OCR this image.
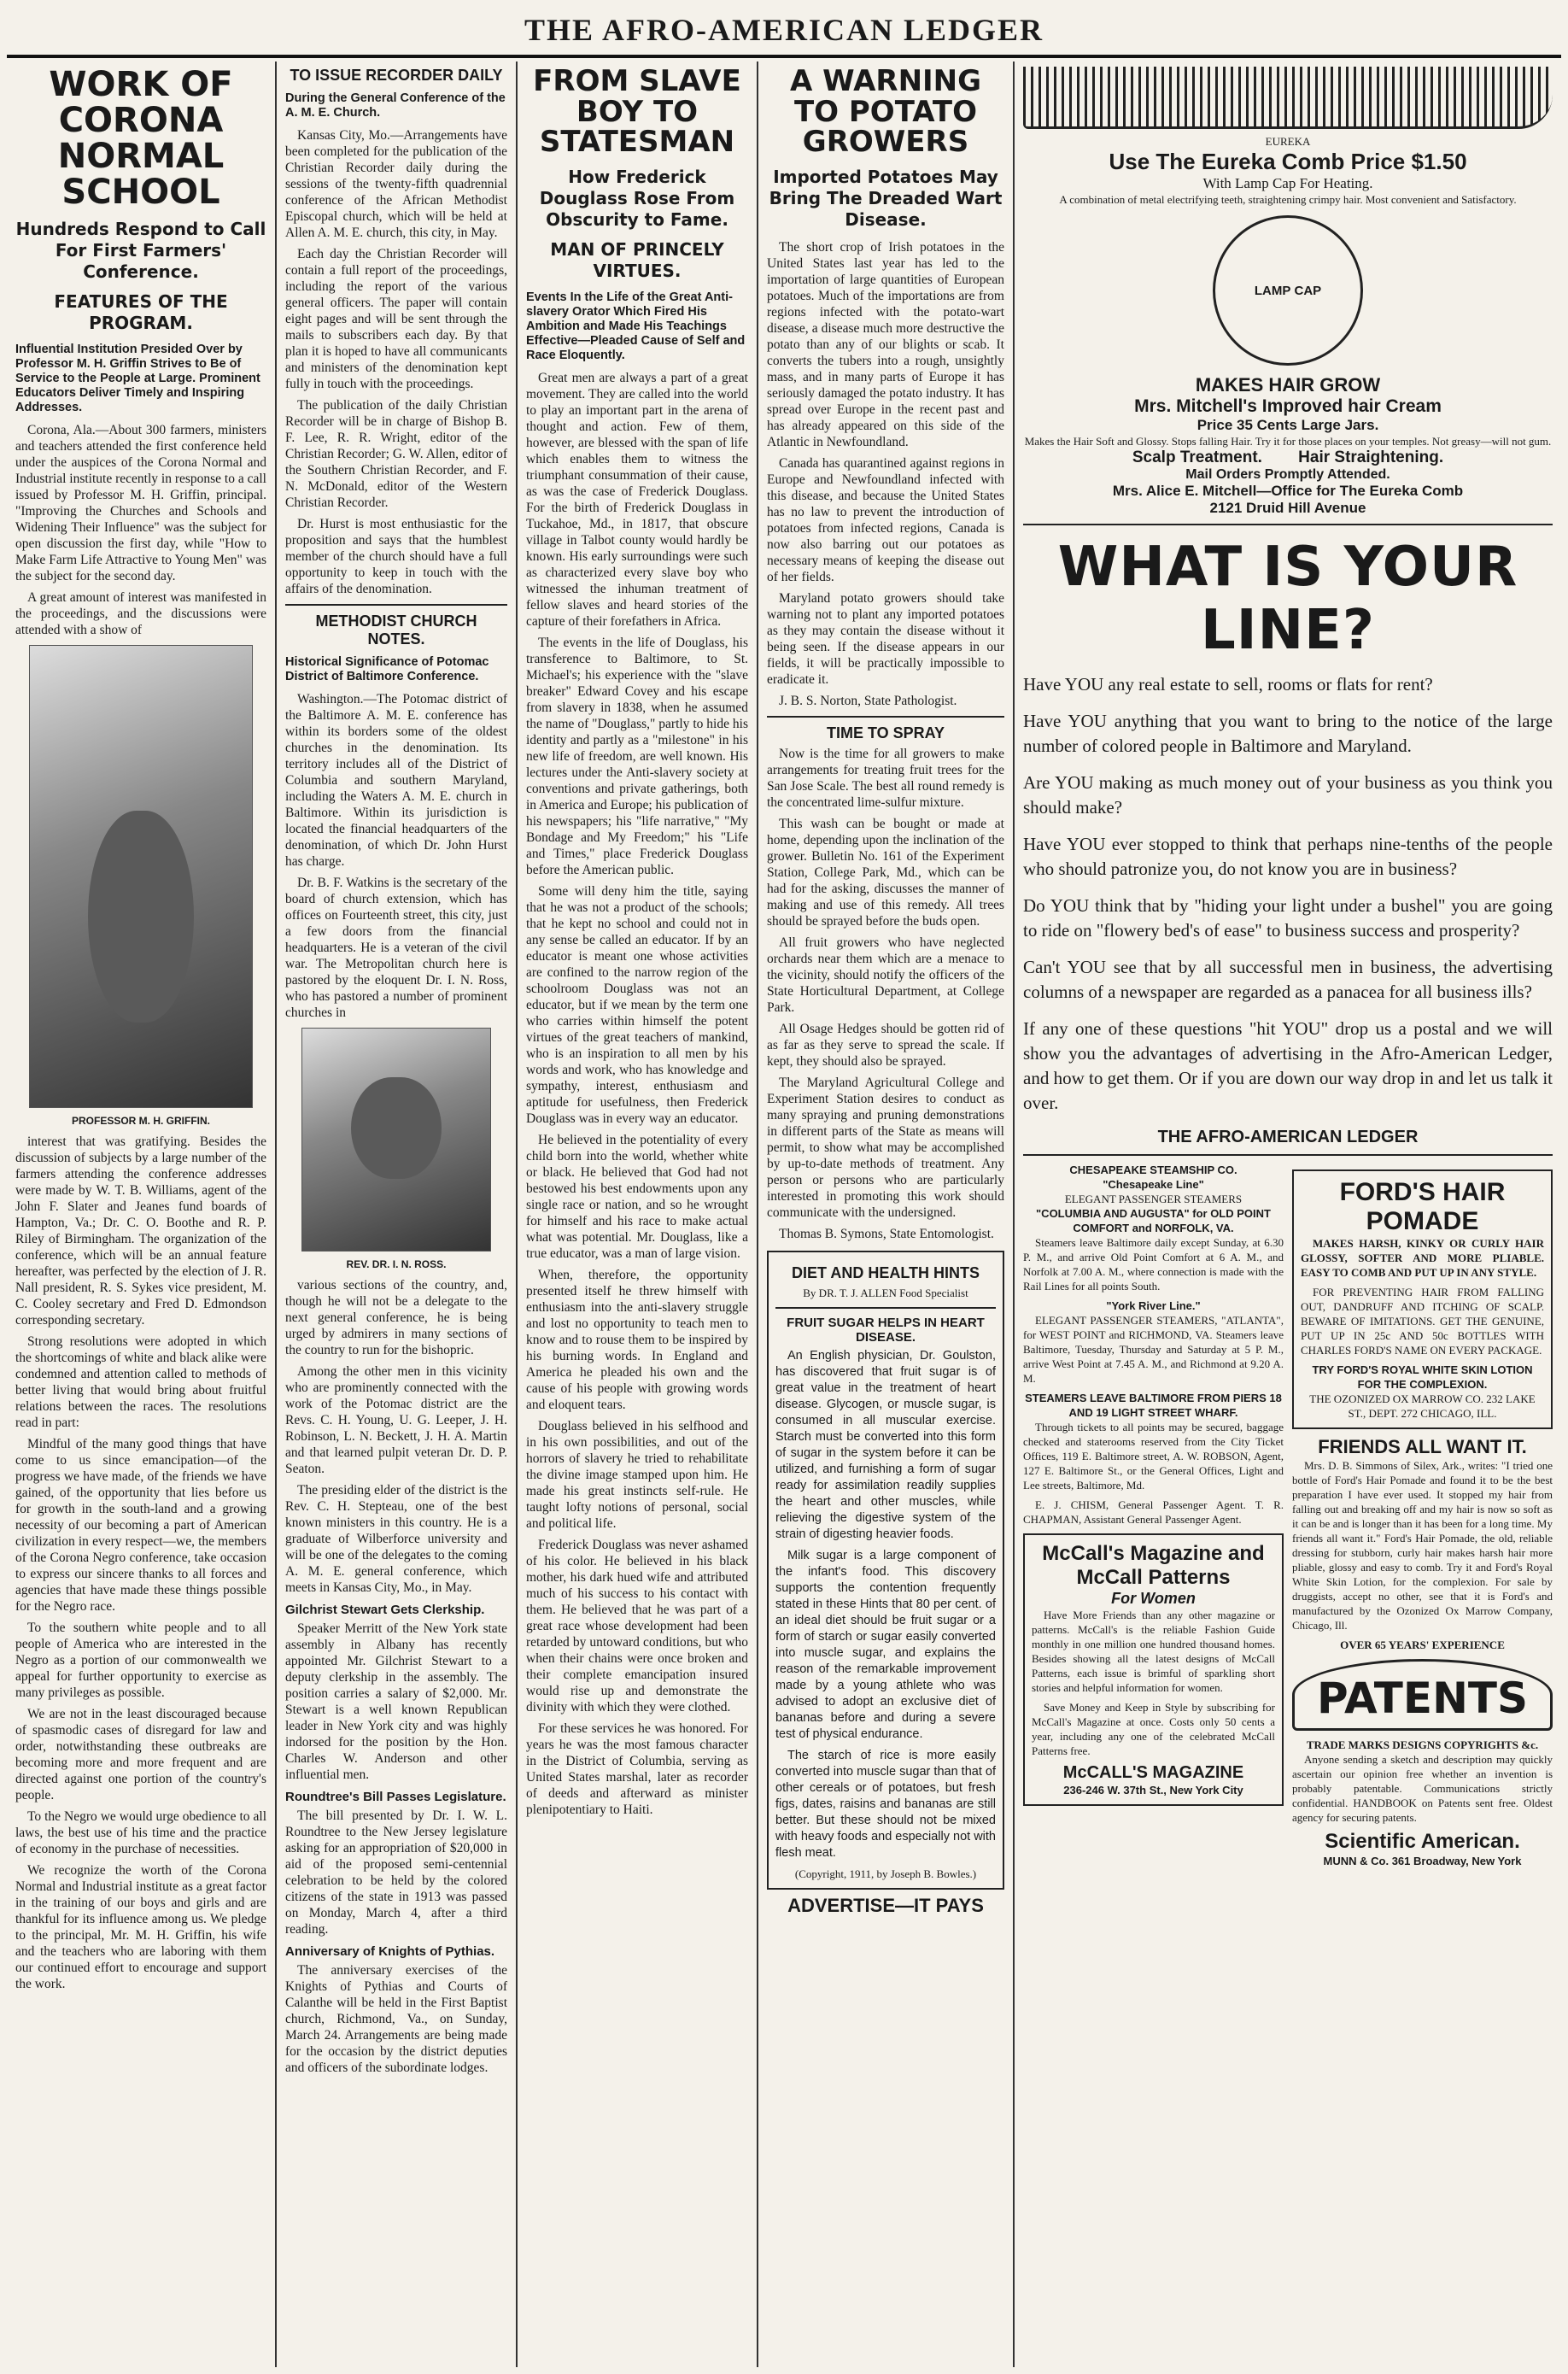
THE AFRO-AMERICAN LEDGER
WORK OF CORONA NORMAL SCHOOL
Hundreds Respond to Call For First Farmers' Conference.
FEATURES OF THE PROGRAM.
Influential Institution Presided Over by Professor M. H. Griffin Strives to Be of Service to the People at Large. Prominent Educators Deliver Timely and Inspiring Addresses.

Corona, Ala.—About 300 farmers, ministers and teachers attended the first conference held under the auspices of the Corona Normal and Industrial institute recently in response to a call issued by Professor M. H. Griffin, principal. "Improving the Churches and Schools and Widening Their Influence" was the subject for open discussion the first day, while "How to Make Farm Life Attractive to Young Men" was the subject for the second day.

A great amount of interest was manifested in the proceedings, and the discussions were attended with a show of

PROFESSOR M. H. GRIFFIN.

interest that was gratifying. Besides the discussion of subjects by a large number of the farmers attending the conference addresses were made by W. T. B. Williams, agent of the John F. Slater and Jeanes fund boards of Hampton, Va.; Dr. C. O. Boothe and R. P. Riley of Birmingham. The organization of the conference, which will be an annual feature hereafter, was perfected by the election of J. R. Nall president, R. S. Sykes vice president, M. C. Cooley secretary and Fred D. Edmondson corresponding secretary.

Strong resolutions were adopted in which the shortcomings of white and black alike were condemned and attention called to methods of better living that would bring about fruitful relations between the races. The resolutions read in part:

Mindful of the many good things that have come to us since emancipation—of the progress we have made, of the friends we have gained, of the opportunity that lies before us for growth in the south-land and a growing necessity of our becoming a part of American civilization in every respect—we, the members of the Corona Negro conference, take occasion to express our sincere thanks to all forces and agencies that have made these things possible for the Negro race.

To the southern white people and to all people of America who are interested in the Negro as a portion of our commonwealth we appeal for further opportunity to exercise as many privileges as possible.

We are not in the least discouraged because of spasmodic cases of disregard for law and order, notwithstanding these outbreaks are becoming more and more frequent and are directed against one portion of the country's people.

To the Negro we would urge obedience to all laws, the best use of his time and the practice of economy in the purchase of necessities.

We recognize the worth of the Corona Normal and Industrial institute as a great factor in the training of our boys and girls and are thankful for its influence among us. We pledge to the principal, Mr. M. H. Griffin, his wife and the teachers who are laboring with them our continued effort to encourage and support the work.

TO ISSUE RECORDER DAILY
During the General Conference of the A. M. E. Church.

Kansas City, Mo.—Arrangements have been completed for the publication of the Christian Recorder daily during the sessions of the twenty-fifth quadrennial conference of the African Methodist Episcopal church, which will be held at Allen A. M. E. church, this city, in May.

Each day the Christian Recorder will contain a full report of the proceedings, including the report of the various general officers. The paper will contain eight pages and will be sent through the mails to subscribers each day. By that plan it is hoped to have all communicants and ministers of the denomination kept fully in touch with the proceedings.

The publication of the daily Christian Recorder will be in charge of Bishop B. F. Lee, R. R. Wright, editor of the Christian Recorder; G. W. Allen, editor of the Southern Christian Recorder, and F. N. McDonald, editor of the Western Christian Recorder.

Dr. Hurst is most enthusiastic for the proposition and says that the humblest member of the church should have a full opportunity to keep in touch with the affairs of the denomination.

METHODIST CHURCH NOTES.
Historical Significance of Potomac District of Baltimore Conference.

Washington.—The Potomac district of the Baltimore A. M. E. conference has within its borders some of the oldest churches in the denomination. Its territory includes all of the District of Columbia and southern Maryland, including the Waters A. M. E. church in Baltimore. Within its jurisdiction is located the financial headquarters of the denomination, of which Dr. John Hurst has charge.

Dr. B. F. Watkins is the secretary of the board of church extension, which has offices on Fourteenth street, this city, just a few doors from the financial headquarters. He is a veteran of the civil war. The Metropolitan church here is pastored by the eloquent Dr. I. N. Ross, who has pastored a number of prominent churches in

REV. DR. I. N. ROSS.

various sections of the country, and, though he will not be a delegate to the next general conference, he is being urged by admirers in many sections of the country to run for the bishopric.

Among the other men in this vicinity who are prominently connected with the work of the Potomac district are the Revs. C. H. Young, U. G. Leeper, J. H. Robinson, L. N. Beckett, J. H. A. Martin and that learned pulpit veteran Dr. D. P. Seaton.

The presiding elder of the district is the Rev. C. H. Stepteau, one of the best known ministers in this country. He is a graduate of Wilberforce university and will be one of the delegates to the coming A. M. E. general conference, which meets in Kansas City, Mo., in May.

Gilchrist Stewart Gets Clerkship.

Speaker Merritt of the New York state assembly in Albany has recently appointed Mr. Gilchrist Stewart to a deputy clerkship in the assembly. The position carries a salary of $2,000. Mr. Stewart is a well known Republican leader in New York city and was highly indorsed for the position by the Hon. Charles W. Anderson and other influential men.

Roundtree's Bill Passes Legislature.

The bill presented by Dr. I. W. L. Roundtree to the New Jersey legislature asking for an appropriation of $20,000 in aid of the proposed semi-centennial celebration to be held by the colored citizens of the state in 1913 was passed on Monday, March 4, after a third reading.

Anniversary of Knights of Pythias.

The anniversary exercises of the Knights of Pythias and Courts of Calanthe will be held in the First Baptist church, Richmond, Va., on Sunday, March 24. Arrangements are being made for the occasion by the district deputies and officers of the subordinate lodges.

FROM SLAVE BOY TO STATESMAN
How Frederick Douglass Rose From Obscurity to Fame.
MAN OF PRINCELY VIRTUES.
Events In the Life of the Great Anti-slavery Orator Which Fired His Ambition and Made His Teachings Effective—Pleaded Cause of Self and Race Eloquently.

Great men are always a part of a great movement. They are called into the world to play an important part in the arena of thought and action. Few of them, however, are blessed with the span of life which enables them to witness the triumphant consummation of their cause, as was the case of Frederick Douglass. For the birth of Frederick Douglass in Tuckahoe, Md., in 1817, that obscure village in Talbot county would hardly be known. His early surroundings were such as characterized every slave boy who witnessed the inhuman treatment of fellow slaves and heard stories of the capture of their forefathers in Africa.

The events in the life of Douglass, his transference to Baltimore, to St. Michael's; his experience with the "slave breaker" Edward Covey and his escape from slavery in 1838, when he assumed the name of "Douglass," partly to hide his identity and partly as a "milestone" in his new life of freedom, are well known. His lectures under the Anti-slavery society at conventions and private gatherings, both in America and Europe; his publication of his newspapers; his "life narrative," "My Bondage and My Freedom;" his "Life and Times," place Frederick Douglass before the American public.

Some will deny him the title, saying that he was not a product of the schools; that he kept no school and could not in any sense be called an educator. If by an educator is meant one whose activities are confined to the narrow region of the schoolroom Douglass was not an educator, but if we mean by the term one who carries within himself the potent virtues of the great teachers of mankind, who is an inspiration to all men by his words and work, who has knowledge and sympathy, interest, enthusiasm and aptitude for usefulness, then Frederick Douglass was in every way an educator.

He believed in the potentiality of every child born into the world, whether white or black. He believed that God had not bestowed his best endowments upon any single race or nation, and so he wrought for himself and his race to make actual what was potential. Mr. Douglass, like a true educator, was a man of large vision.

When, therefore, the opportunity presented itself he threw himself with enthusiasm into the anti-slavery struggle and lost no opportunity to teach men to know and to rouse them to be inspired by his burning words. In England and America he pleaded his own and the cause of his people with growing words and eloquent tears.

Douglass believed in his selfhood and in his own possibilities, and out of the horrors of slavery he tried to rehabilitate the divine image stamped upon him. He made his great instincts self-rule. He taught lofty notions of personal, social and political life.

Frederick Douglass was never ashamed of his color. He believed in his black mother, his dark hued wife and attributed much of his success to his contact with them. He believed that he was part of a great race whose development had been retarded by untoward conditions, but who when their chains were once broken and their complete emancipation insured would rise up and demonstrate the divinity with which they were clothed.

For these services he was honored. For years he was the most famous character in the District of Columbia, serving as United States marshal, later as recorder of deeds and afterward as minister plenipotentiary to Haiti.

A WARNING TO POTATO GROWERS
Imported Potatoes May Bring The Dreaded Wart Disease.

The short crop of Irish potatoes in the United States last year has led to the importation of large quantities of European potatoes. Much of the importations are from regions infected with the potato-wart disease, a disease much more destructive the potato than any of our blights or scab. It converts the tubers into a rough, unsightly mass, and in many parts of Europe it has seriously damaged the potato industry. It has spread over Europe in the recent past and has already appeared on this side of the Atlantic in Newfoundland.

Canada has quarantined against regions in Europe and Newfoundland infected with this disease, and because the United States has no law to prevent the introduction of potatoes from infected regions, Canada is now also barring out our potatoes as necessary means of keeping the disease out of her fields.

Maryland potato growers should take warning not to plant any imported potatoes as they may contain the disease without it being seen. If the disease appears in our fields, it will be practically impossible to eradicate it.

J. B. S. Norton, State Pathologist.

TIME TO SPRAY

Now is the time for all growers to make arrangements for treating fruit trees for the San Jose Scale. The best all round remedy is the concentrated lime-sulfur mixture.

This wash can be bought or made at home, depending upon the inclination of the grower. Bulletin No. 161 of the Experiment Station, College Park, Md., which can be had for the asking, discusses the manner of making and use of this remedy. All trees should be sprayed before the buds open.

All fruit growers who have neglected orchards near them which are a menace to the vicinity, should notify the officers of the State Horticultural Department, at College Park.

All Osage Hedges should be gotten rid of as far as they serve to spread the scale. If kept, they should also be sprayed.

The Maryland Agricultural College and Experiment Station desires to conduct as many spraying and pruning demonstrations in different parts of the State as means will permit, to show what may be accomplished by up-to-date methods of treatment. Any person or persons who are particularly interested in promoting this work should communicate with the undersigned.

Thomas B. Symons, State Entomologist.

DIET AND HEALTH HINTS
By DR. T. J. ALLEN Food Specialist
FRUIT SUGAR HELPS IN HEART DISEASE.

An English physician, Dr. Goulston, has discovered that fruit sugar is of great value in the treatment of heart disease. Glycogen, or muscle sugar, is consumed in all muscular exercise. Starch must be converted into this form of sugar in the system before it can be utilized, and furnishing a form of sugar ready for assimilation readily supplies the heart and other muscles, while relieving the digestive system of the strain of digesting heavier foods.

Milk sugar is a large component of the infant's food. This discovery supports the contention frequently stated in these Hints that 80 per cent. of an ideal diet should be fruit sugar or a form of starch or sugar easily converted into muscle sugar, and explains the reason of the remarkable improvement made by a young athlete who was advised to adopt an exclusive diet of bananas before and during a severe test of physical endurance.

The starch of rice is more easily converted into muscle sugar than that of other cereals or of potatoes, but fresh figs, dates, raisins and bananas are still better. But these should not be mixed with heavy foods and especially not with flesh meat.

(Copyright, 1911, by Joseph B. Bowles.)
ADVERTISE—IT PAYS
EUREKA
Use The Eureka Comb Price $1.50
With Lamp Cap For Heating.
A combination of metal electrifying teeth, straightening crimpy hair. Most convenient and Satisfactory.
LAMP
CAP
MAKES HAIR GROW
Mrs. Mitchell's Improved hair Cream
Price 35 Cents Large Jars.
Makes the Hair Soft and Glossy. Stops falling Hair. Try it for those places on your temples. Not greasy—will not gum.
Scalp Treatment.        Hair Straightening.
Mail Orders Promptly Attended.
Mrs. Alice E. Mitchell—Office for The Eureka Comb
2121 Druid Hill Avenue
WHAT IS YOUR LINE?

Have YOU any real estate to sell, rooms or flats for rent?

Have YOU anything that you want to bring to the notice of the large number of colored people in Baltimore and Maryland.

Are YOU making as much money out of your business as you think you should make?

Have YOU ever stopped to think that perhaps nine-tenths of the people who should patronize you, do not know you are in business?

Do YOU think that by "hiding your light under a bushel" you are going to ride on "flowery bed's of ease" to business success and prosperity?

Can't YOU see that by all successful men in business, the advertising columns of a newspaper are regarded as a panacea for all business ills?

If any one of these questions "hit YOU" drop us a postal and we will show you the advantages of advertising in the Afro-American Ledger, and how to get them. Or if you are down our way drop in and let us talk it over.

THE AFRO-AMERICAN LEDGER
CHESAPEAKE STEAMSHIP CO.
"Chesapeake Line"
ELEGANT PASSENGER STEAMERS
"COLUMBIA AND AUGUSTA" for OLD POINT COMFORT and NORFOLK, VA.

Steamers leave Baltimore daily except Sunday, at 6.30 P. M., and arrive Old Point Comfort at 6 A. M., and Norfolk at 7.00 A. M., where connection is made with the Rail Lines for all points South.

"York River Line."

ELEGANT PASSENGER STEAMERS, "ATLANTA", for WEST POINT and RICHMOND, VA. Steamers leave Baltimore, Tuesday, Thursday and Saturday at 5 P. M., arrive West Point at 7.45 A. M., and Richmond at 9.20 A. M.

STEAMERS LEAVE BALTIMORE FROM PIERS 18 AND 19 LIGHT STREET WHARF.

Through tickets to all points may be secured, baggage checked and staterooms reserved from the City Ticket Offices, 119 E. Baltimore street, A. W. ROBSON, Agent, 127 E. Baltimore St., or the General Offices, Light and Lee streets, Baltimore, Md.

E. J. CHISM, General Passenger Agent. T. R. CHAPMAN, Assistant General Passenger Agent.

McCall's Magazine and McCall Patterns
For Women

Have More Friends than any other magazine or patterns. McCall's is the reliable Fashion Guide monthly in one million one hundred thousand homes. Besides showing all the latest designs of McCall Patterns, each issue is brimful of sparkling short stories and helpful information for women.

Save Money and Keep in Style by subscribing for McCall's Magazine at once. Costs only 50 cents a year, including any one of the celebrated McCall Patterns free.

McCALL'S MAGAZINE
236-246 W. 37th St., New York City
FORD'S HAIR POMADE

MAKES HARSH, KINKY OR CURLY HAIR GLOSSY, SOFTER AND MORE PLIABLE. EASY TO COMB AND PUT UP IN ANY STYLE.

FOR PREVENTING HAIR FROM FALLING OUT, DANDRUFF AND ITCHING OF SCALP. BEWARE OF IMITATIONS. GET THE GENUINE, PUT UP IN 25c AND 50c BOTTLES WITH CHARLES FORD'S NAME ON EVERY PACKAGE.

TRY FORD'S ROYAL WHITE SKIN LOTION FOR THE COMPLEXION.
THE OZONIZED OX MARROW CO. 232 LAKE ST., DEPT. 272 CHICAGO, ILL.
FRIENDS ALL WANT IT.

Mrs. D. B. Simmons of Silex, Ark., writes: "I tried one bottle of Ford's Hair Pomade and found it to be the best preparation I have ever used. It stopped my hair from falling out and breaking off and my hair is now so soft as it can be and is longer than it has been for a long time. My friends all want it." Ford's Hair Pomade, the old, reliable dressing for stubborn, curly hair makes harsh hair more pliable, glossy and easy to comb. Try it and Ford's Royal White Skin Lotion, for the complexion. For sale by druggists, accept no other, see that it is Ford's and manufactured by the Ozonized Ox Marrow Company, Chicago, Ill.

OVER 65 YEARS' EXPERIENCE
PATENTS
TRADE MARKS DESIGNS COPYRIGHTS &c.

Anyone sending a sketch and description may quickly ascertain our opinion free whether an invention is probably patentable. Communications strictly confidential. HANDBOOK on Patents sent free. Oldest agency for securing patents.

Scientific American.
MUNN & Co. 361 Broadway, New York
